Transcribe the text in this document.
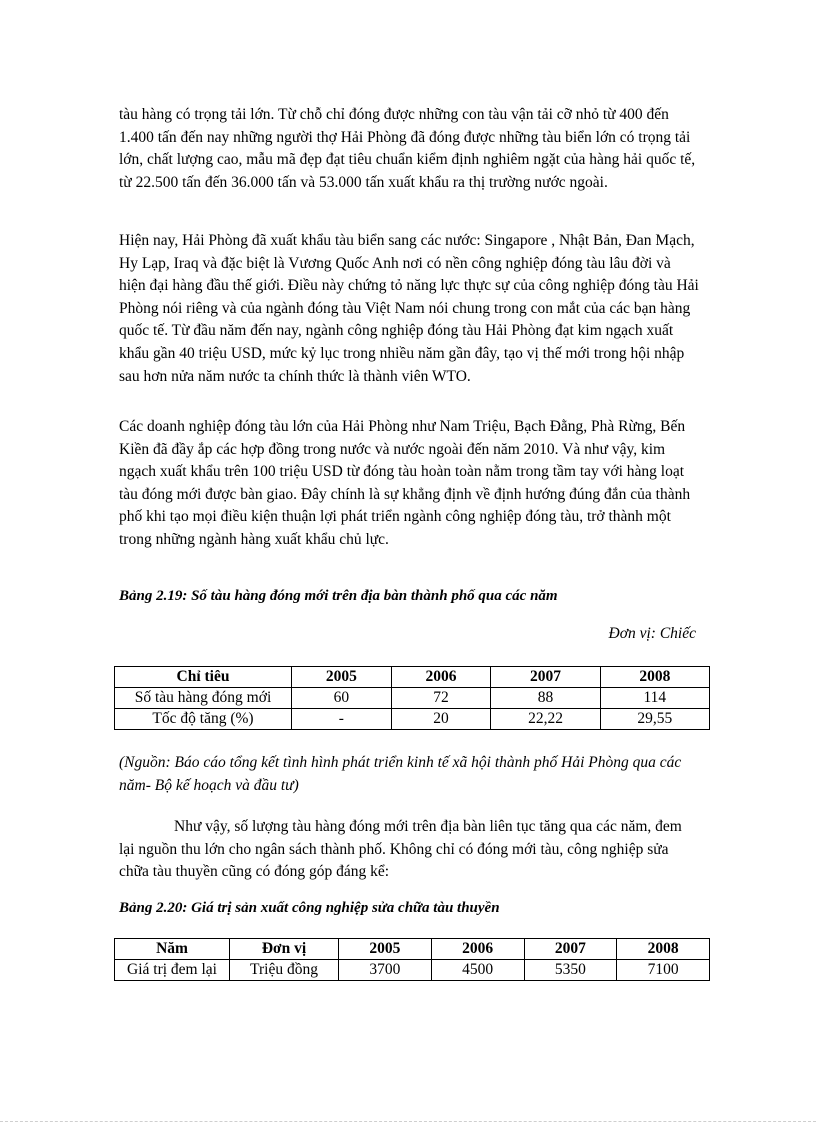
tàu hàng có trọng tải lớn. Từ chỗ chỉ đóng được những con tàu vận tải cỡ nhỏ từ 400 đến 1.400 tấn đến nay những người thợ Hải Phòng đã đóng được những tàu biển lớn có trọng tải lớn, chất lượng cao, mẫu mã đẹp đạt tiêu chuẩn kiểm định nghiêm ngặt của hàng hải quốc tế, từ 22.500 tấn đến 36.000 tấn và 53.000 tấn xuất khẩu ra thị trường nước ngoài.

Hiện nay, Hải Phòng đã xuất khẩu tàu biển sang các nước: Singapore , Nhật Bản, Đan Mạch, Hy Lạp, Iraq và đặc biệt là Vương Quốc Anh nơi có nền công nghiệp đóng tàu lâu đời và hiện đại hàng đầu thế giới. Điều này chứng tỏ năng lực thực sự của công nghiệp đóng tàu Hải Phòng nói riêng và của ngành đóng tàu Việt Nam nói chung trong con mắt của các bạn hàng quốc tế. Từ đầu năm đến nay, ngành công nghiệp đóng tàu Hải Phòng đạt kim ngạch xuất khẩu gần 40 triệu USD, mức kỷ lục trong nhiều năm gần đây, tạo vị thế mới trong hội nhập sau hơn nửa năm nước ta chính thức là thành viên WTO.

Các doanh nghiệp đóng tàu lớn của Hải Phòng như Nam Triệu, Bạch Đằng, Phà Rừng, Bến Kiền đã đầy ắp các hợp đồng trong nước và nước ngoài đến năm 2010. Và như vậy, kim ngạch xuất khẩu trên 100 triệu USD từ đóng tàu hoàn toàn nằm trong tầm tay với hàng loạt tàu đóng mới được bàn giao. Đây chính là sự khẳng định về định hướng đúng đắn của thành phố khi tạo mọi điều kiện thuận lợi phát triển ngành công nghiệp đóng tàu, trở thành một trong những ngành hàng xuất khẩu chủ lực.

Bảng 2.19: Số tàu hàng đóng mới trên địa bàn thành phố qua các năm

Đơn vị: Chiếc

Chỉ tiêu	2005	2006	2007	2008
Số tàu hàng đóng mới	60	72	88	114
Tốc độ tăng (%)	-	20	22,22	29,55

(Nguồn: Báo cáo tổng kết tình hình phát triển kinh tế xã hội thành phố Hải Phòng qua các năm- Bộ kế hoạch và đầu tư)

Như vậy, số lượng tàu hàng đóng mới trên địa bàn liên tục tăng qua các năm, đem lại nguồn thu lớn cho ngân sách thành phố. Không chỉ có đóng mới tàu, công nghiệp sửa chữa tàu thuyền cũng có đóng góp đáng kể:

Bảng 2.20: Giá trị sản xuất công nghiệp sửa chữa tàu thuyền

Năm	Đơn vị	2005	2006	2007	2008
Giá trị đem lại	Triệu đồng	3700	4500	5350	7100
